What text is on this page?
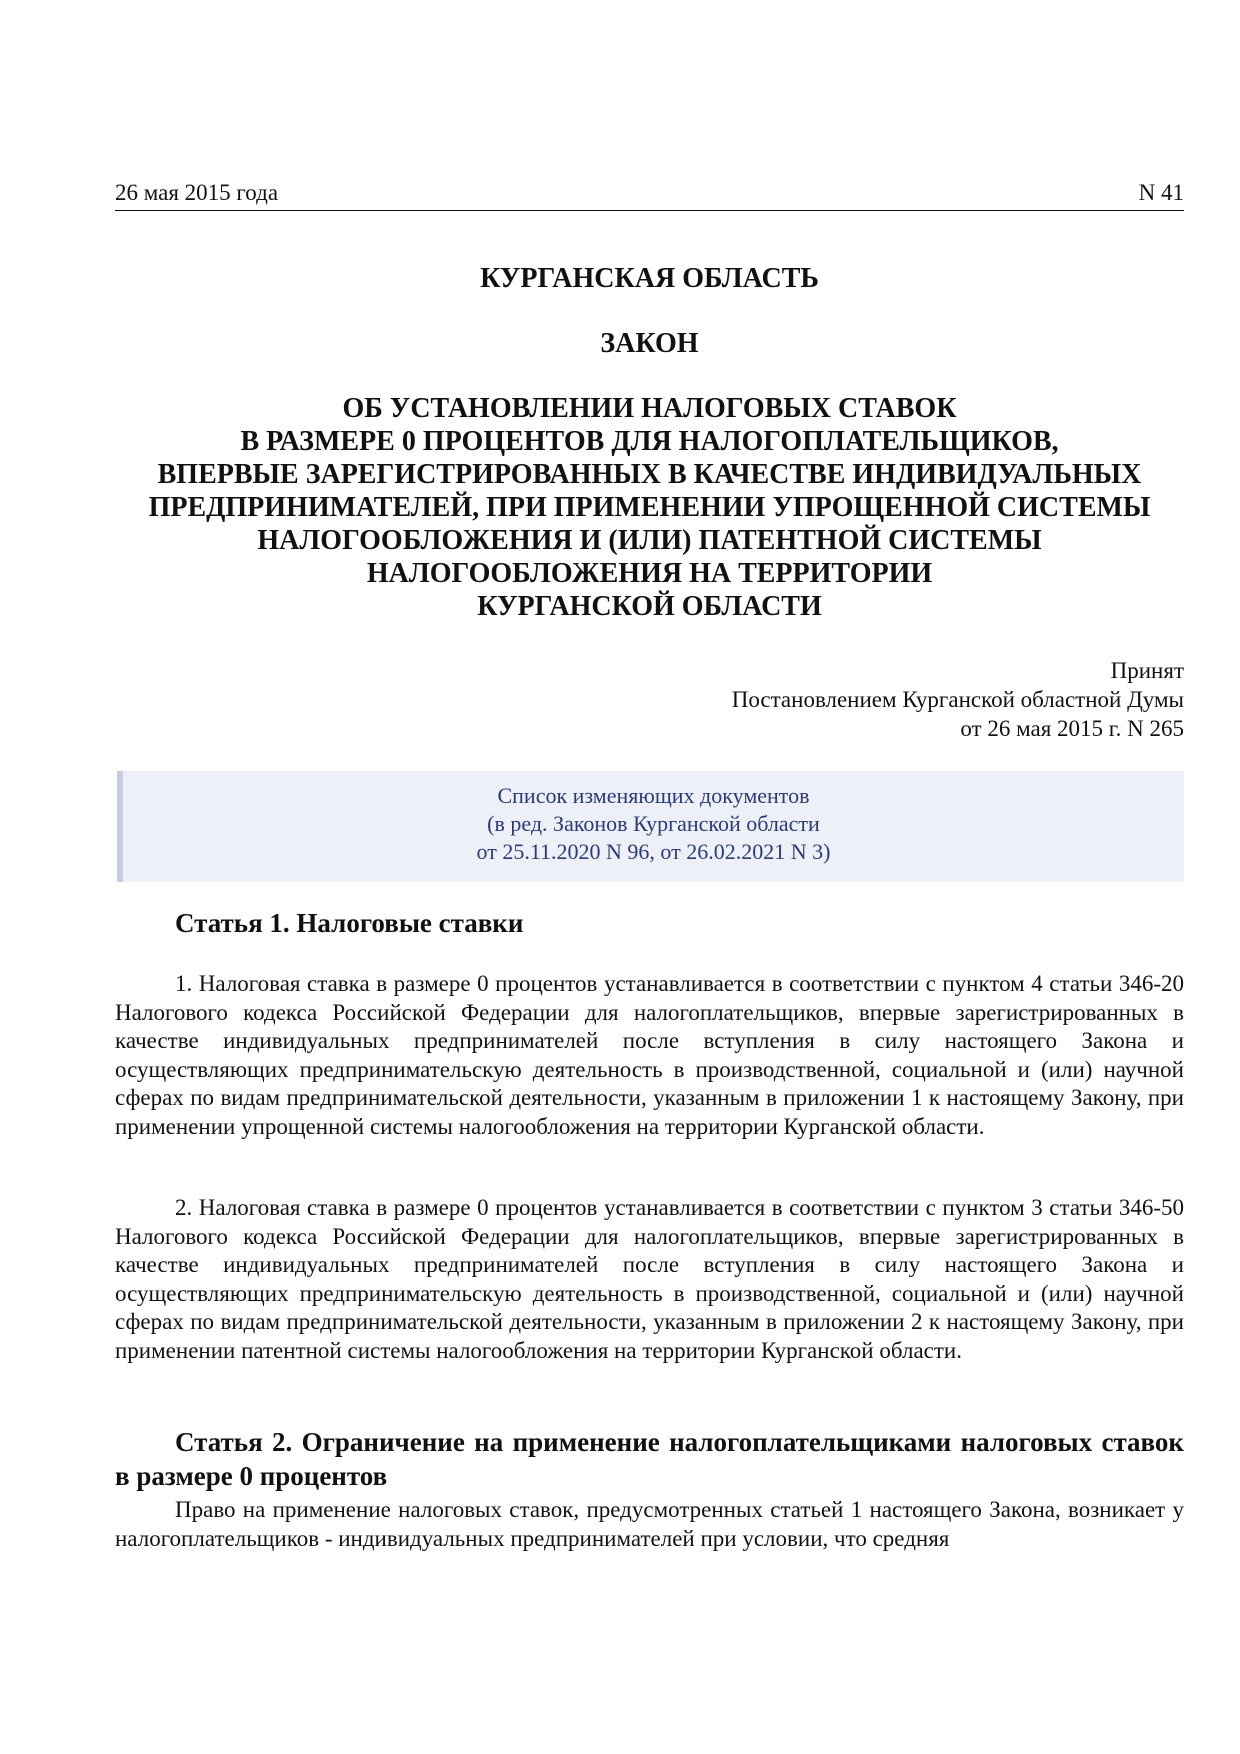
26 мая 2015 года	N 41
КУРГАНСКАЯ ОБЛАСТЬ
ЗАКОН
ОБ УСТАНОВЛЕНИИ НАЛОГОВЫХ СТАВОК
В РАЗМЕРЕ 0 ПРОЦЕНТОВ ДЛЯ НАЛОГОПЛАТЕЛЬЩИКОВ,
ВПЕРВЫЕ ЗАРЕГИСТРИРОВАННЫХ В КАЧЕСТВЕ ИНДИВИДУАЛЬНЫХ
ПРЕДПРИНИМАТЕЛЕЙ, ПРИ ПРИМЕНЕНИИ УПРОЩЕННОЙ СИСТЕМЫ
НАЛОГООБЛОЖЕНИЯ И (ИЛИ) ПАТЕНТНОЙ СИСТЕМЫ
НАЛОГООБЛОЖЕНИЯ НА ТЕРРИТОРИИ
КУРГАНСКОЙ ОБЛАСТИ
Принят
Постановлением Курганской областной Думы
от 26 мая 2015 г. N 265
Список изменяющих документов
(в ред. Законов Курганской области
от 25.11.2020 N 96, от 26.02.2021 N 3)
Статья 1. Налоговые ставки

1. Налоговая ставка в размере 0 процентов устанавливается в соответствии с пунктом 4 статьи 346-20 Налогового кодекса Российской Федерации для налогоплательщиков, впервые зарегистрированных в качестве индивидуальных предпринимателей после вступления в силу настоящего Закона и осуществляющих предпринимательскую деятельность в производственной, социальной и (или) научной сферах по видам предпринимательской деятельности, указанным в приложении 1 к настоящему Закону, при применении упрощенной системы налогообложения на территории Курганской области.

2. Налоговая ставка в размере 0 процентов устанавливается в соответствии с пунктом 3 статьи 346-50 Налогового кодекса Российской Федерации для налогоплательщиков, впервые зарегистрированных в качестве индивидуальных предпринимателей после вступления в силу настоящего Закона и осуществляющих предпринимательскую деятельность в производственной, социальной и (или) научной сферах по видам предпринимательской деятельности, указанным в приложении 2 к настоящему Закону, при применении патентной системы налогообложения на территории Курганской области.

Статья 2. Ограничение на применение налогоплательщиками налоговых ставок в размере 0 процентов

Право на применение налоговых ставок, предусмотренных статьей 1 настоящего Закона, возникает у налогоплательщиков - индивидуальных предпринимателей при условии, что средняя
